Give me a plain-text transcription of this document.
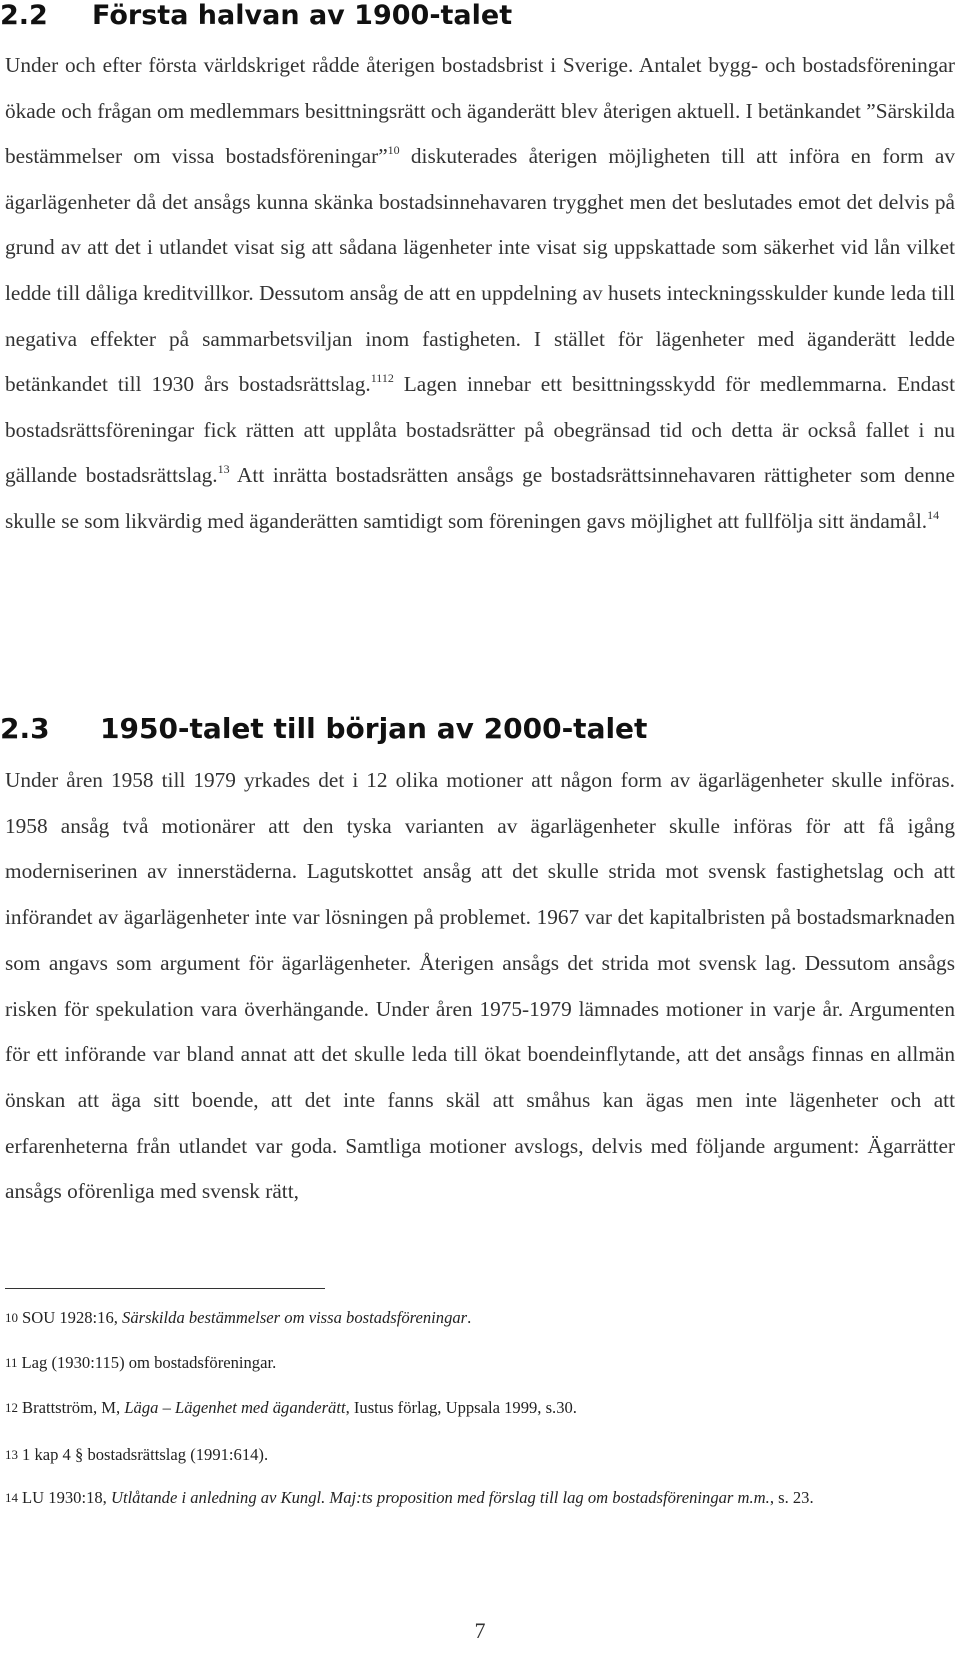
2.2 Första halvan av 1900-talet

Under och efter första världskriget rådde återigen bostadsbrist i Sverige. Antalet bygg- och bostadsföreningar ökade och frågan om medlemmars besittningsrätt och äganderätt blev återigen aktuell. I betänkandet ”Särskilda bestämmelser om vissa bostadsföreningar”$^{10}$ diskuterades återigen möjligheten till att införa en form av ägarlägenheter då det ansågs kunna skänka bostadsinnehavaren trygghet men det beslutades emot det delvis på grund av att det i utlandet visat sig att sådana lägenheter inte visat sig uppskattade som säkerhet vid lån vilket ledde till dåliga kreditvillkor. Dessutom ansåg de att en uppdelning av husets inteckningsskulder kunde leda till negativa effekter på sammarbetsviljan inom fastigheten. I stället för lägenheter med äganderätt ledde betänkandet till 1930 års bostadsrättslag.$^{1112}$ Lagen innebar ett besittningsskydd för medlemmarna. Endast bostadsrättsföreningar fick rätten att upplåta bostadsrätter på obegränsad tid och detta är också fallet i nu gällande bostadsrättslag.$^{13}$ Att inrätta bostadsrätten ansågs ge bostadsrättsinnehavaren rättigheter som denne skulle se som likvärdig med äganderätten samtidigt som föreningen gavs möjlighet att fullfölja sitt ändamål.$^{14}$

2.3 1950-talet till början av 2000-talet

Under åren 1958 till 1979 yrkades det i 12 olika motioner att någon form av ägarlägenheter skulle införas. 1958 ansåg två motionärer att den tyska varianten av ägarlägenheter skulle införas för att få igång moderniserinen av innerstäderna. Lagutskottet ansåg att det skulle strida mot svensk fastighetslag och att införandet av ägarlägenheter inte var lösningen på problemet. 1967 var det kapitalbristen på bostadsmarknaden som angavs som argument för ägarlägenheter. Återigen ansågs det strida mot svensk lag. Dessutom ansågs risken för spekulation vara överhängande. Under åren 1975-1979 lämnades motioner in varje år. Argumenten för ett införande var bland annat att det skulle leda till ökat boendeinflytande, att det ansågs finnas en allmän önskan att äga sitt boende, att det inte fanns skäl att småhus kan ägas men inte lägenheter och att erfarenheterna från utlandet var goda. Samtliga motioner avslogs, delvis med följande argument: Ägarrätter ansågs oförenliga med svensk rätt,

10 SOU 1928:16, Särskilda bestämmelser om vissa bostadsföreningar.
11 Lag (1930:115) om bostadsföreningar.
12 Brattström, M, Läga – Lägenhet med äganderätt, Iustus förlag, Uppsala 1999, s.30.
13 1 kap 4 § bostadsrättslag (1991:614).
14 LU 1930:18, Utlåtande i anledning av Kungl. Maj:ts proposition med förslag till lag om bostadsföreningar m.m., s. 23.
7
